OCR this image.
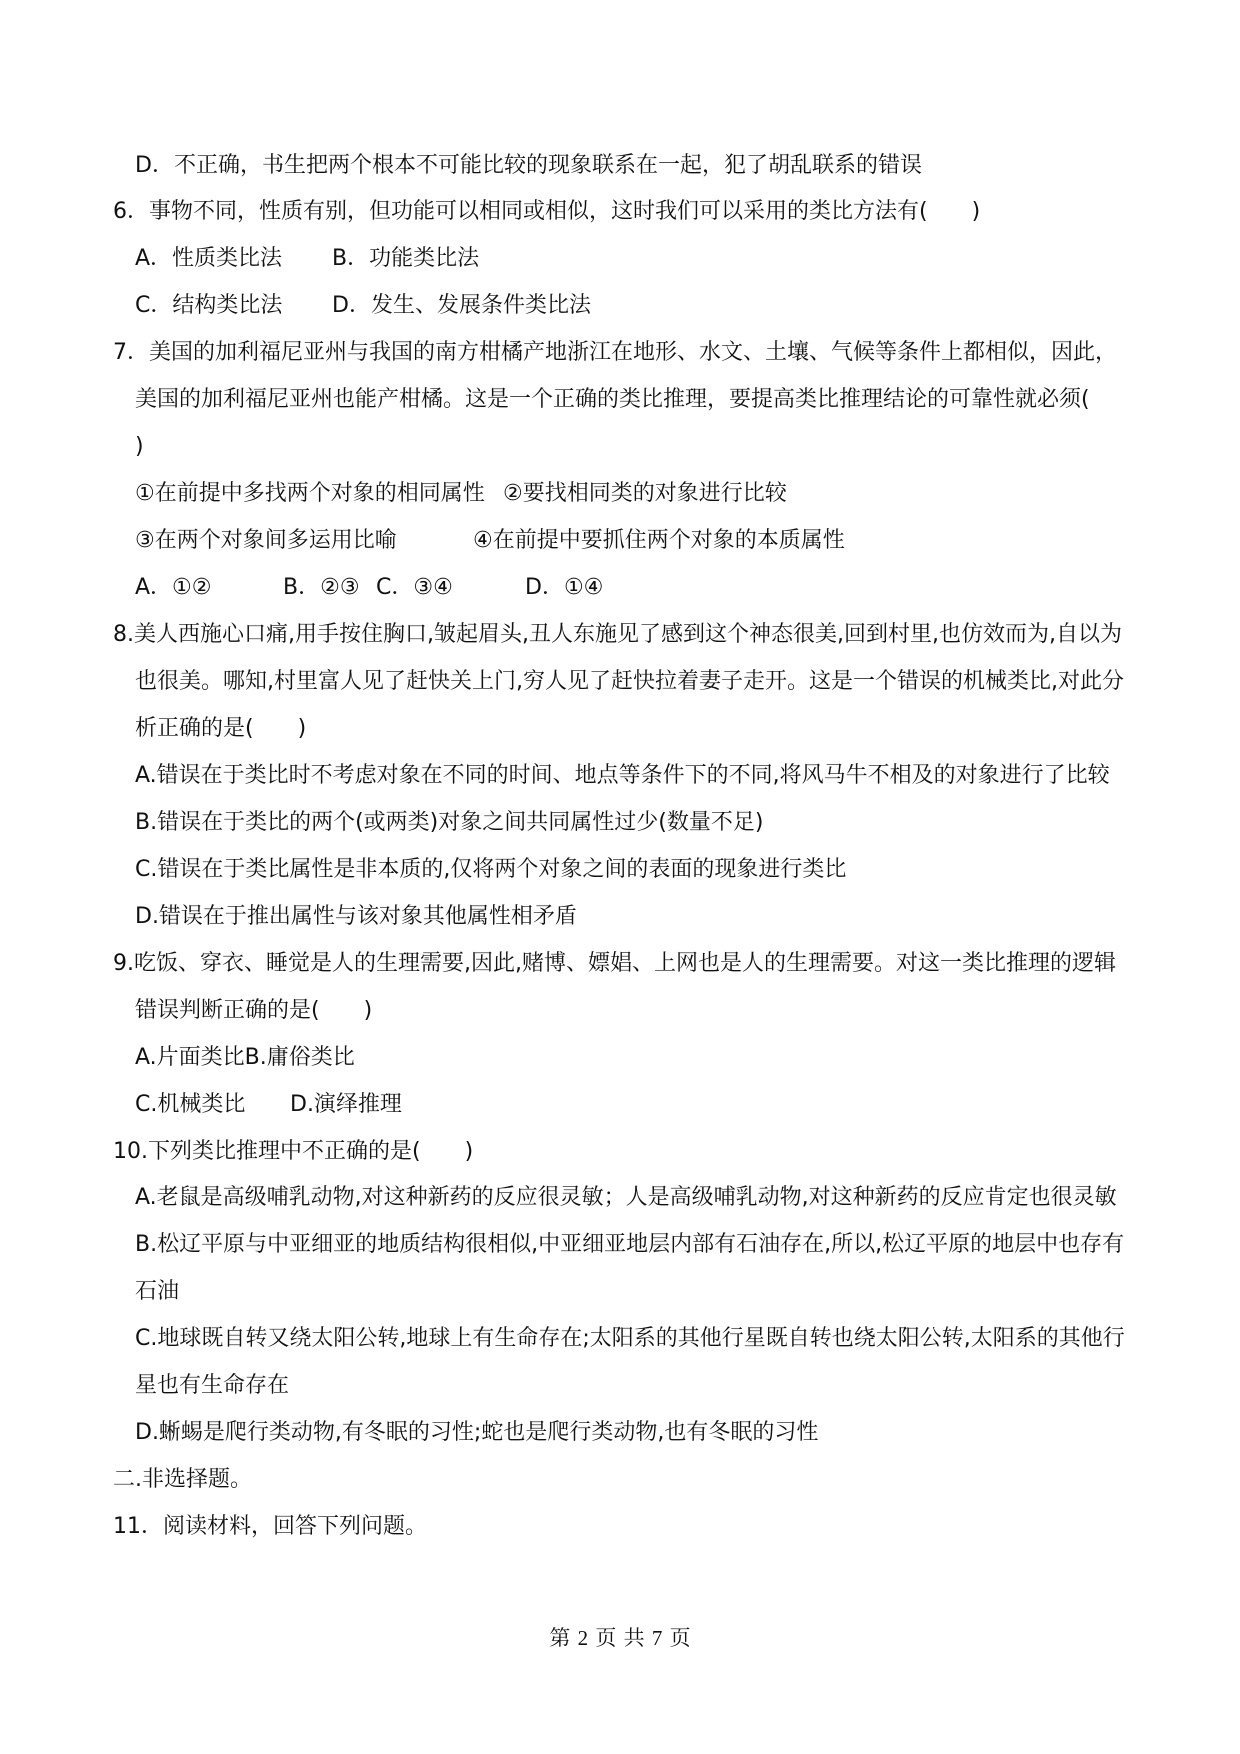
D．不正确，书生把两个根本不可能比较的现象联系在一起，犯了胡乱联系的错误
6．事物不同，性质有别，但功能可以相同或相似，这时我们可以采用的类比方法有(　　)
A．性质类比法 B．功能类比法
C．结构类比法 D．发生、发展条件类比法
7．美国的加利福尼亚州与我国的南方柑橘产地浙江在地形、水文、土壤、气候等条件上都相似，因此，
美国的加利福尼亚州也能产柑橘。这是一个正确的类比推理，要提高类比推理结论的可靠性就必须(
)
①在前提中多找两个对象的相同属性 ②要找相同类的对象进行比较
③在两个对象间多运用比喻	④在前提中要抓住两个对象的本质属性
A．①②	B．②③ C．③④	D．①④
8.美人西施心口痛,用手按住胸口,皱起眉头,丑人东施见了感到这个神态很美,回到村里,也仿效而为,自以为
也很美。哪知,村里富人见了赶快关上门,穷人见了赶快拉着妻子走开。这是一个错误的机械类比,对此分
析正确的是(　　)
A.错误在于类比时不考虑对象在不同的时间、地点等条件下的不同,将风马牛不相及的对象进行了比较
B.错误在于类比的两个(或两类)对象之间共同属性过少(数量不足)
C.错误在于类比属性是非本质的,仅将两个对象之间的表面的现象进行类比
D.错误在于推出属性与该对象其他属性相矛盾
9.吃饭、穿衣、睡觉是人的生理需要,因此,赌博、嫖娼、上网也是人的生理需要。对这一类比推理的逻辑
错误判断正确的是(　　)
A.片面类比B.庸俗类比
C.机械类比 D.演绎推理
10.下列类比推理中不正确的是(　　)
A.老鼠是高级哺乳动物,对这种新药的反应很灵敏；人是高级哺乳动物,对这种新药的反应肯定也很灵敏
B.松辽平原与中亚细亚的地质结构很相似,中亚细亚地层内部有石油存在,所以,松辽平原的地层中也存有
石油
C.地球既自转又绕太阳公转,地球上有生命存在;太阳系的其他行星既自转也绕太阳公转,太阳系的其他行
星也有生命存在
D.蜥蜴是爬行类动物,有冬眠的习性;蛇也是爬行类动物,也有冬眠的习性
二.非选择题。
11．阅读材料，回答下列问题。
第 2 页 共 7 页
